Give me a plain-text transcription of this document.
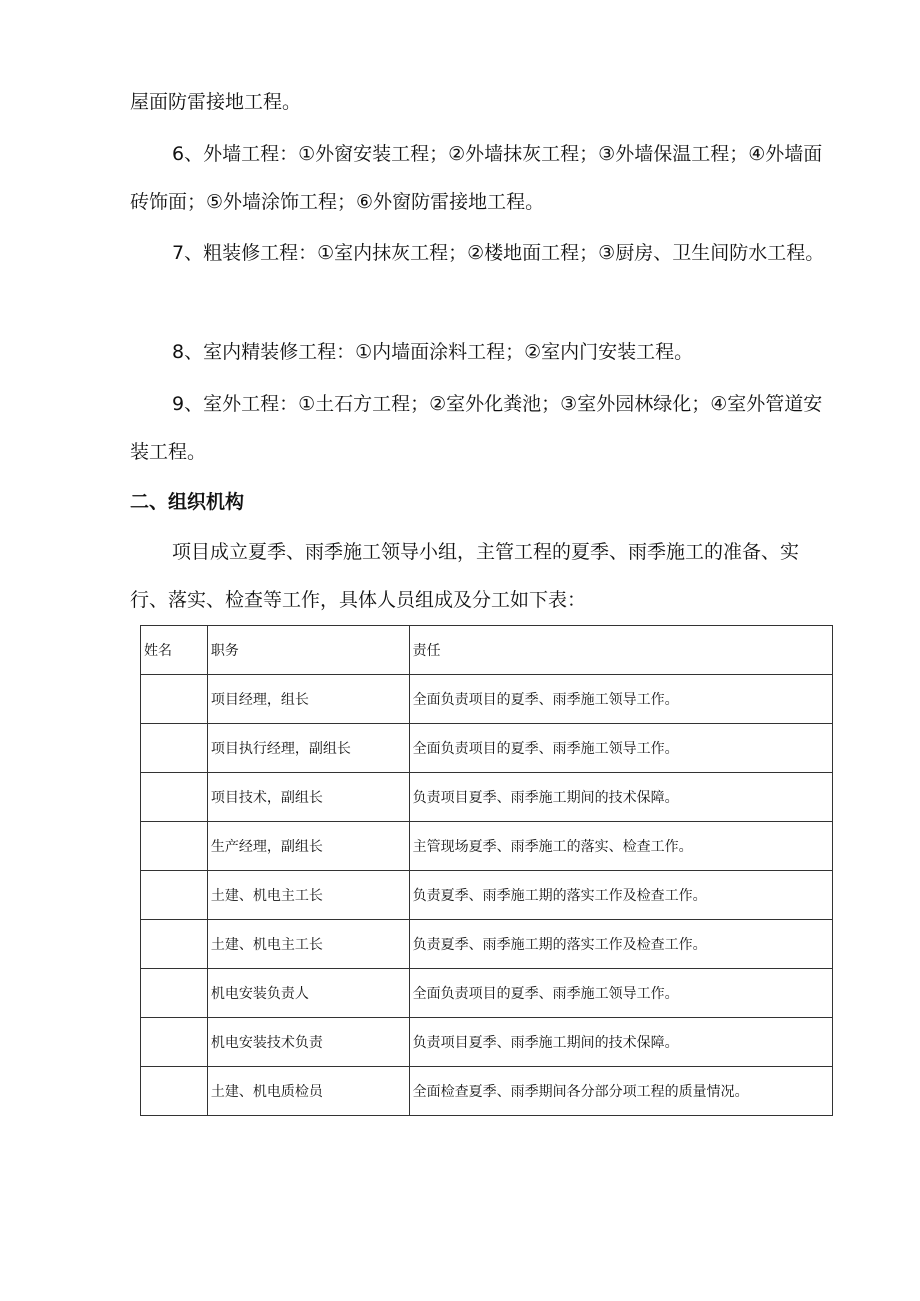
屋面防雷接地工程。

6、外墙工程：①外窗安装工程；②外墙抹灰工程；③外墙保温工程；④外墙面砖饰面；⑤外墙涂饰工程；⑥外窗防雷接地工程。

7、粗装修工程：①室内抹灰工程；②楼地面工程；③厨房、卫生间防水工程。

8、室内精装修工程：①内墙面涂料工程；②室内门安装工程。

9、室外工程：①土石方工程；②室外化粪池；③室外园林绿化；④室外管道安装工程。

二、组织机构

项目成立夏季、雨季施工领导小组，主管工程的夏季、雨季施工的准备、实行、落实、检查等工作，具体人员组成及分工如下表：

姓名	职务	责任
	项目经理，组长	全面负责项目的夏季、雨季施工领导工作。
	项目执行经理，副组长	全面负责项目的夏季、雨季施工领导工作。
	项目技术，副组长	负责项目夏季、雨季施工期间的技术保障。
	生产经理，副组长	主管现场夏季、雨季施工的落实、检查工作。
	土建、机电主工长	负责夏季、雨季施工期的落实工作及检查工作。
	土建、机电主工长	负责夏季、雨季施工期的落实工作及检查工作。
	机电安装负责人	全面负责项目的夏季、雨季施工领导工作。
	机电安装技术负责	负责项目夏季、雨季施工期间的技术保障。
	土建、机电质检员	全面检查夏季、雨季期间各分部分项工程的质量情况。
